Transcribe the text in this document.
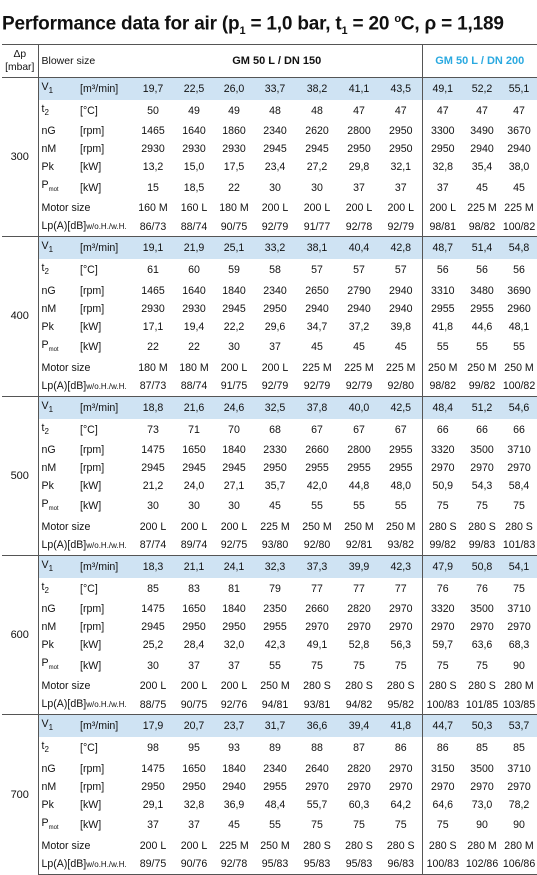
Performance data for air ($p_1 = 1,0$ bar, $t_1 = 20$ $^o$C, ρ = 1,189
Δp
[mbar]	Blower size		GM 50 L / DN 150							GM 50 L / DN 200		
300	$V_1$	[m³/min]	19,7	22,5	26,0	33,7	38,2	41,1	43,5	49,1	52,2	55,1
	$t_2$	[°C]	50	49	49	48	48	47	47	47	47	47
	nG	[rpm]	1465	1640	1860	2340	2620	2800	2950	3300	3490	3670
	nM	[rpm]	2930	2930	2930	2945	2945	2950	2950	2950	2940	2940
	Pk	[kW]	13,2	15,0	17,5	23,4	27,2	29,8	32,1	32,8	35,4	38,0
	$P_{mot}$	[kW]	15	18,5	22	30	30	37	37	37	45	45
	Motor size		160 M	160 L	180 M	200 L	200 L	200 L	200 L	200 L	225 M	225 M
	Lp(A)[dB]w/o.H./w.H.		86/73	88/74	90/75	92/79	91/77	92/78	92/79	98/81	98/82	100/82
400	$V_1$	[m³/min]	19,1	21,9	25,1	33,2	38,1	40,4	42,8	48,7	51,4	54,8
	$t_2$	[°C]	61	60	59	58	57	57	57	56	56	56
	nG	[rpm]	1465	1640	1840	2340	2650	2790	2940	3310	3480	3690
	nM	[rpm]	2930	2930	2945	2950	2940	2940	2940	2955	2955	2960
	Pk	[kW]	17,1	19,4	22,2	29,6	34,7	37,2	39,8	41,8	44,6	48,1
	$P_{mot}$	[kW]	22	22	30	37	45	45	45	55	55	55
	Motor size		180 M	180 M	200 L	200 L	225 M	225 M	225 M	250 M	250 M	250 M
	Lp(A)[dB]w/o.H./w.H.		87/73	88/74	91/75	92/79	92/79	92/79	92/80	98/82	99/82	100/82
500	$V_1$	[m³/min]	18,8	21,6	24,6	32,5	37,8	40,0	42,5	48,4	51,2	54,6
	$t_2$	[°C]	73	71	70	68	67	67	67	66	66	66
	nG	[rpm]	1475	1650	1840	2330	2660	2800	2955	3320	3500	3710
	nM	[rpm]	2945	2945	2945	2950	2955	2955	2955	2970	2970	2970
	Pk	[kW]	21,2	24,0	27,1	35,7	42,0	44,8	48,0	50,9	54,3	58,4
	$P_{mot}$	[kW]	30	30	30	45	55	55	55	75	75	75
	Motor size		200 L	200 L	200 L	225 M	250 M	250 M	250 M	280 S	280 S	280 S
	Lp(A)[dB]w/o.H./w.H.		87/74	89/74	92/75	93/80	92/80	92/81	93/82	99/82	99/83	101/83
600	$V_1$	[m³/min]	18,3	21,1	24,1	32,3	37,3	39,9	42,3	47,9	50,8	54,1
	$t_2$	[°C]	85	83	81	79	77	77	77	76	76	75
	nG	[rpm]	1475	1650	1840	2350	2660	2820	2970	3320	3500	3710
	nM	[rpm]	2945	2950	2950	2955	2970	2970	2970	2970	2970	2970
	Pk	[kW]	25,2	28,4	32,0	42,3	49,1	52,8	56,3	59,7	63,6	68,3
	$P_{mot}$	[kW]	30	37	37	55	75	75	75	75	75	90
	Motor size		200 L	200 L	200 L	250 M	280 S	280 S	280 S	280 S	280 S	280 M
	Lp(A)[dB]w/o.H./w.H.		88/75	90/75	92/76	94/81	93/81	94/82	95/82	100/83	101/85	103/85
700	$V_1$	[m³/min]	17,9	20,7	23,7	31,7	36,6	39,4	41,8	44,7	50,3	53,7
	$t_2$	[°C]	98	95	93	89	88	87	86	86	85	85
	nG	[rpm]	1475	1650	1840	2340	2640	2820	2970	3150	3500	3710
	nM	[rpm]	2950	2950	2940	2955	2970	2970	2970	2970	2970	2970
	Pk	[kW]	29,1	32,8	36,9	48,4	55,7	60,3	64,2	64,6	73,0	78,2
	$P_{mot}$	[kW]	37	37	45	55	75	75	75	75	90	90
	Motor size		200 L	200 L	225 M	250 M	280 S	280 S	280 S	280 S	280 M	280 M
	Lp(A)[dB]w/o.H./w.H.		89/75	90/76	92/78	95/83	95/83	95/83	96/83	100/83	102/86	106/86
